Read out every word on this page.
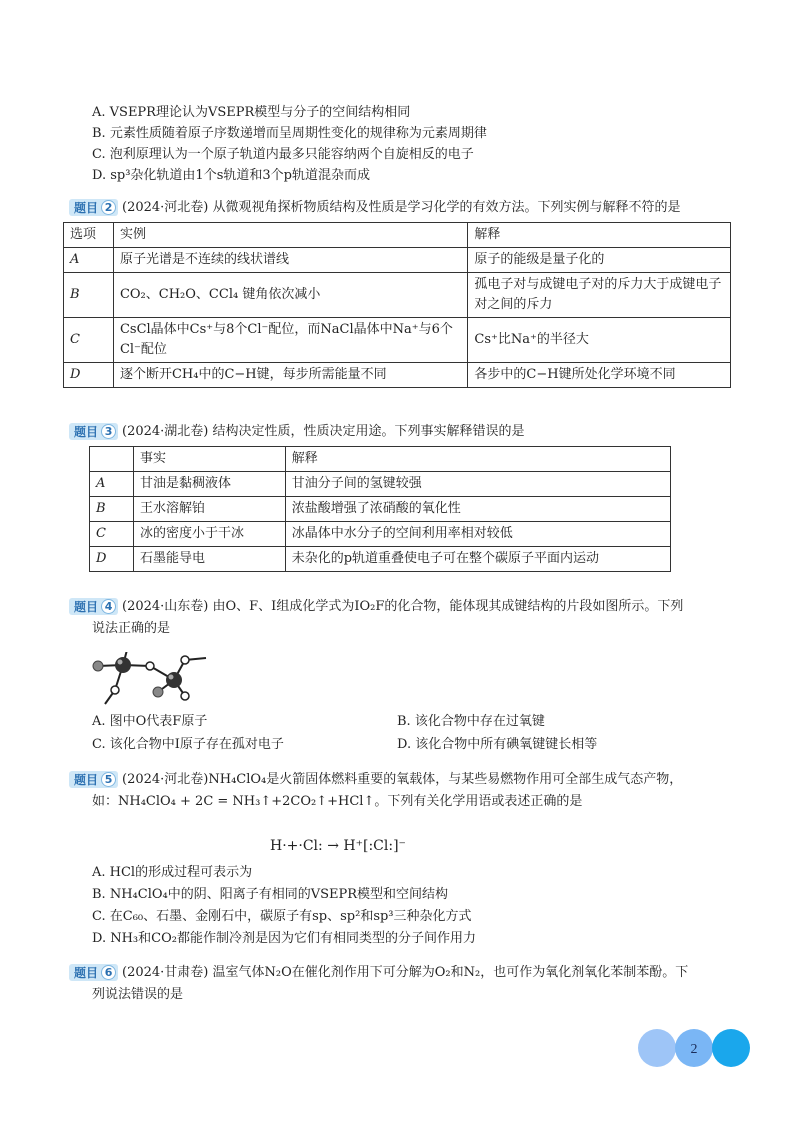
A. VSEPR理论认为VSEPR模型与分子的空间结构相同
B. 元素性质随着原子序数递增而呈周期性变化的规律称为元素周期律
C. 泡利原理认为一个原子轨道内最多只能容纳两个自旋相反的电子
D. sp³杂化轨道由1个s轨道和3个p轨道混杂而成
题目 2 (2024·河北卷) 从微观视角探析物质结构及性质是学习化学的有效方法。下列实例与解释不符的是
选项	实例	解释
A	原子光谱是不连续的线状谱线	原子的能级是量子化的
B	CO₂、CH₂O、CCl₄ 键角依次减小	孤电子对与成键电子对的斥力大于成键电子对之间的斥力
C	CsCl晶体中Cs⁺与8个Cl⁻配位，而NaCl晶体中Na⁺与6个Cl⁻配位	Cs⁺比Na⁺的半径大
D	逐个断开CH₄中的C−H键，每步所需能量不同	各步中的C−H键所处化学环境不同
题目 3 (2024·湖北卷) 结构决定性质，性质决定用途。下列事实解释错误的是
	事实	解释
A	甘油是黏稠液体	甘油分子间的氢键较强
B	王水溶解铂	浓盐酸增强了浓硝酸的氧化性
C	冰的密度小于干冰	冰晶体中水分子的空间利用率相对较低
D	石墨能导电	未杂化的p轨道重叠使电子可在整个碳原子平面内运动
题目 4 (2024·山东卷) 由O、F、I组成化学式为IO₂F的化合物，能体现其成键结构的片段如图所示。下列
说法正确的是
A. 图中O代表F原子	B. 该化合物中存在过氧键
C. 该化合物中I原子存在孤对电子	D. 该化合物中所有碘氧键键长相等
题目 5 (2024·河北卷)NH₄ClO₄是火箭固体燃料重要的氧载体，与某些易燃物作用可全部生成气态产物，
如：NH₄ClO₄ + 2C = NH₃↑+2CO₂↑+HCl↑。下列有关化学用语或表述正确的是
H·+·Cl: → H⁺[:Cl:]⁻
A. HCl的形成过程可表示为
B. NH₄ClO₄中的阴、阳离子有相同的VSEPR模型和空间结构
C. 在C₆₀、石墨、金刚石中，碳原子有sp、sp²和sp³三种杂化方式
D. NH₃和CO₂都能作制冷剂是因为它们有相同类型的分子间作用力
题目 6 (2024·甘肃卷) 温室气体N₂O在催化剂作用下可分解为O₂和N₂，也可作为氧化剂氧化苯制苯酚。下
列说法错误的是
2
